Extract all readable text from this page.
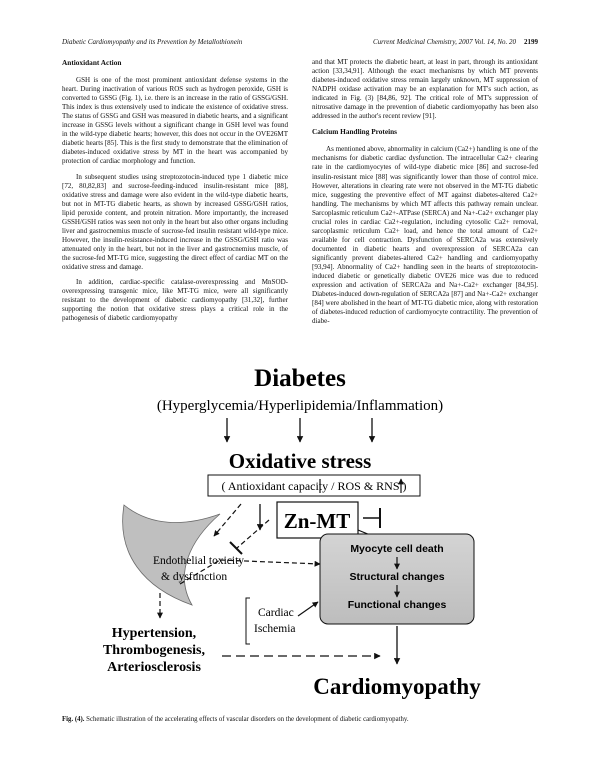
Diabetic Cardiomyopathy and its Prevention by Metallothionein	Current Medicinal Chemistry, 2007 Vol. 14, No. 20 2199
Antioxidant Action

GSH is one of the most prominent antioxidant defense systems in the heart. During inactivation of various ROS such as hydrogen peroxide, GSH is converted to GSSG (Fig. 1), i.e. there is an increase in the ratio of GSSG/GSH. This index is thus extensively used to indicate the existence of oxidative stress. The status of GSSG and GSH was measured in diabetic hearts, and a significant increase in GSSG levels without a significant change in GSH level was found in the wild-type diabetic hearts; however, this does not occur in the OVE26MT diabetic hearts [85]. This is the first study to demonstrate that the elimination of diabetes-induced oxidative stress by MT in the heart was accompanied by protection of cardiac morphology and function.

In subsequent studies using streptozotocin-induced type 1 diabetic mice [72, 80,82,83] and sucrose-feeding-induced insulin-resistant mice [88], oxidative stress and damage were also evident in the wild-type diabetic hearts, but not in MT-TG diabetic hearts, as shown by increased GSSG/GSH ratios, lipid peroxide content, and protein nitration. More importantly, the increased GSSH/GSH ratios was seen not only in the heart but also other organs including liver and gastrocnemius muscle of sucrose-fed insulin resistant wild-type mice. However, the insulin-resistance-induced increase in the GSSG/GSH ratio was attenuated only in the heart, but not in the liver and gastrocnemius muscle, of the sucrose-fed MT-TG mice, suggesting the direct effect of cardiac MT on the oxidative stress and damage.

In addition, cardiac-specific catalase-overexpressing and MnSOD-overexpressing transgenic mice, like MT-TG mice, were all significantly resistant to the development of diabetic cardiomyopathy [31,32], further supporting the notion that oxidative stress plays a critical role in the pathogenesis of diabetic cardiomyopathy

and that MT protects the diabetic heart, at least in part, through its antioxidant action [33,34,91]. Although the exact mechanisms by which MT prevents diabetes-induced oxidative stress remain largely unknown, MT suppression of NADPH oxidase activation may be an explanation for MT's such action, as indicated in Fig. (3) [84,86, 92]. The critical role of MT's suppression of nitrosative damage in the prevention of diabetic cardiomyopathy has been also addressed in the author's recent review [91].

Calcium Handling Proteins

As mentioned above, abnormality in calcium (Ca2+) handling is one of the mechanisms for diabetic cardiac dysfunction. The intracellular Ca2+ clearing rate in the cardiomyocytes of wild-type diabetic mice [86] and sucrose-fed insulin-resistant mice [88] was significantly lower than those of control mice. However, alterations in clearing rate were not observed in the MT-TG diabetic mice, suggesting the preventive effect of MT against diabetes-altered Ca2+ handling. The mechanisms by which MT affects this pathway remain unclear. Sarcoplasmic reticulum Ca2+-ATPase (SERCA) and Na+-Ca2+ exchanger play crucial roles in cardiac Ca2+-regulation, including cytosolic Ca2+ removal, sarcoplasmic reticulum Ca2+ load, and hence the total amount of Ca2+ available for cell contraction. Dysfunction of SERCA2a was extensively documented in diabetic hearts and overexpression of SERCA2a can significantly prevent diabetes-altered Ca2+ handling and cardiomyopathy [93,94]. Abnormality of Ca2+ handling seen in the hearts of streptozotocin-induced diabetic or genetically diabetic OVE26 mice was due to reduced expression and activation of SERCA2a and Na+-Ca2+ exchanger [84,95]. Diabetes-induced down-regulation of SERCA2a [87] and Na+-Ca2+ exchanger [84] were abolished in the heart of MT-TG diabetic mice, along with restoration of diabetes-induced reduction of cardiomyocyte contractility. The prevention of diabe-

Diabetes
(Hyperglycemia/Hyperlipidemia/Inflammation)
Oxidative stress
( Antioxidant capacity / ROS & RNS )
Zn-MT
Endothelial toxicity
& dysfunction
Myocyte cell death
Structural changes
Functional changes
Cardiac
Ischemia
Hypertension,
Thrombogenesis,
Arteriosclerosis
Cardiomyopathy
Fig. (4). Schematic illustration of the accelerating effects of vascular disorders on the development of diabetic cardiomyopathy.
